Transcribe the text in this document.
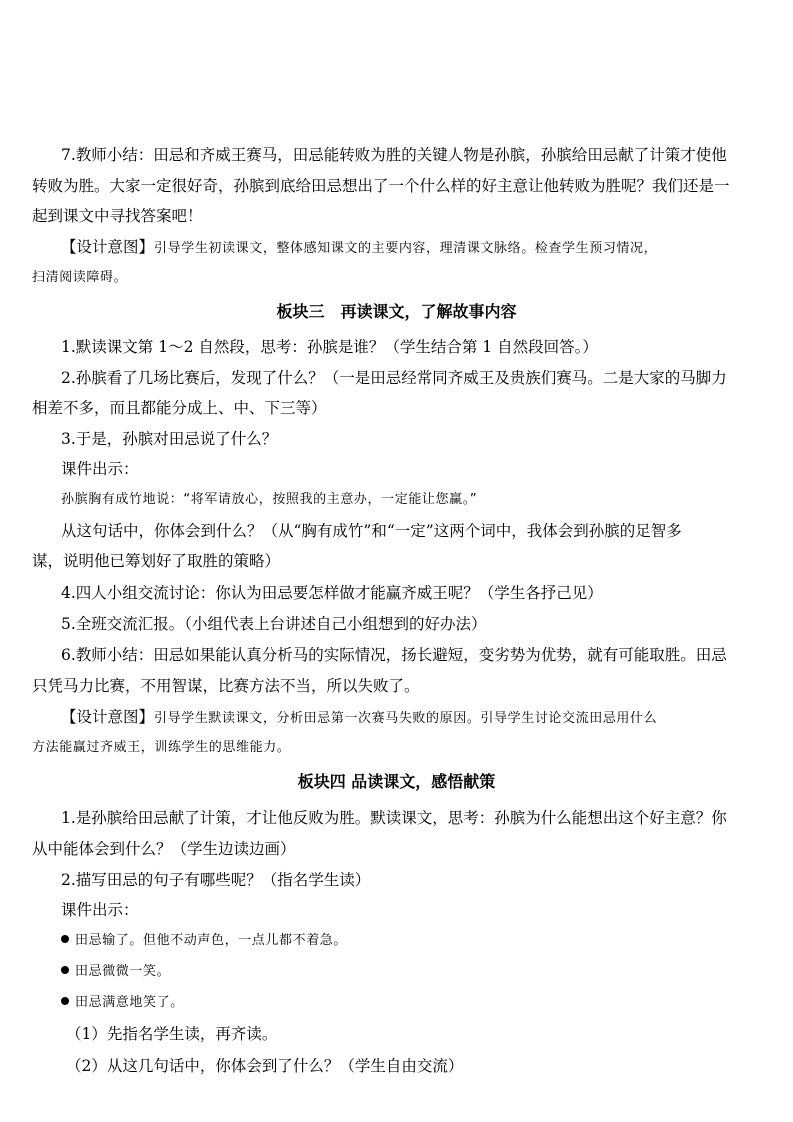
7.教师小结：田忌和齐威王赛马，田忌能转败为胜的关键人物是孙膑，孙膑给田忌献了计策才使他
转败为胜。大家一定很好奇，孙膑到底给田忌想出了一个什么样的好主意让他转败为胜呢？我们还是一
起到课文中寻找答案吧！
【设计意图】引导学生初读课文，整体感知课文的主要内容，理清课文脉络。检查学生预习情况，
扫清阅读障碍。
板块三　再读课文，了解故事内容
1.默读课文第 1～2 自然段，思考：孙膑是谁？（学生结合第 1 自然段回答。）
2.孙膑看了几场比赛后，发现了什么？（一是田忌经常同齐威王及贵族们赛马。二是大家的马脚力
相差不多，而且都能分成上、中、下三等）
3.于是，孙膑对田忌说了什么？
课件出示：
孙膑胸有成竹地说：“将军请放心，按照我的主意办，一定能让您赢。”
从这句话中，你体会到什么？（从“胸有成竹”和“一定”这两个词中，我体会到孙膑的足智多
谋，说明他已筹划好了取胜的策略）
4.四人小组交流讨论：你认为田忌要怎样做才能赢齐威王呢？（学生各抒己见）
5.全班交流汇报。（小组代表上台讲述自己小组想到的好办法）
6.教师小结：田忌如果能认真分析马的实际情况，扬长避短，变劣势为优势，就有可能取胜。田忌
只凭马力比赛，不用智谋，比赛方法不当，所以失败了。
【设计意图】引导学生默读课文，分析田忌第一次赛马失败的原因。引导学生讨论交流田忌用什么
方法能赢过齐威王，训练学生的思维能力。
板块四 品读课文，感悟献策
1.是孙膑给田忌献了计策，才让他反败为胜。默读课文，思考：孙膑为什么能想出这个好主意？你
从中能体会到什么？（学生边读边画）
2.描写田忌的句子有哪些呢？（指名学生读）
课件出示：
田忌输了。但他不动声色，一点儿都不着急。
田忌微微一笑。
田忌满意地笑了。
（1）先指名学生读，再齐读。
（2）从这几句话中，你体会到了什么？（学生自由交流）
